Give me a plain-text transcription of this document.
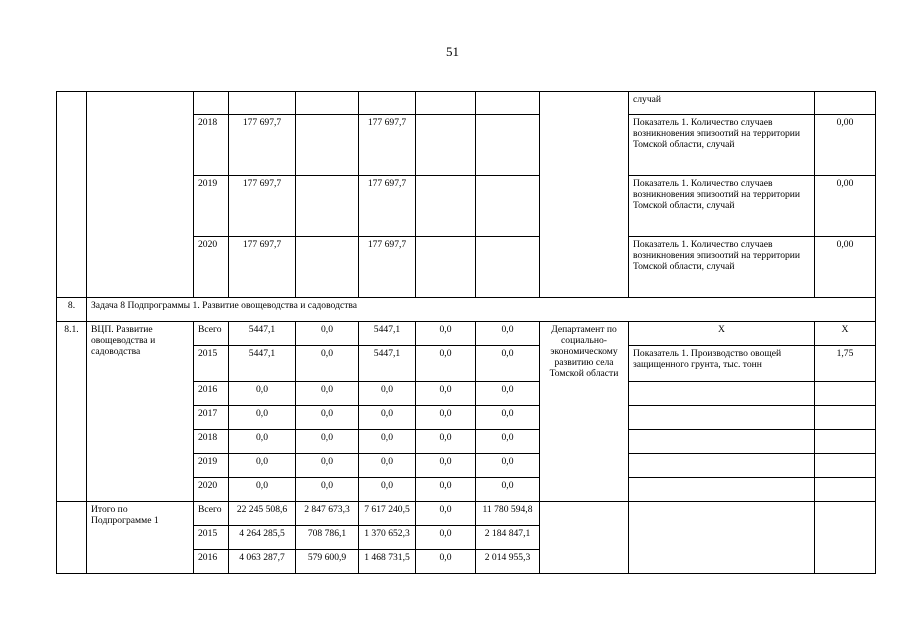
51
									случай	
		2018	177 697,7		177 697,7				Показатель 1. Количество случаев возникновения эпизоотий на территории Томской области, случай	0,00
		2019	177 697,7		177 697,7				Показатель 1. Количество случаев возникновения эпизоотий на территории Томской области, случай	0,00
		2020	177 697,7		177 697,7				Показатель 1. Количество случаев возникновения эпизоотий на территории Томской области, случай	0,00
8.	Задача 8 Подпрограммы 1. Развитие овощеводства и садоводства									
8.1.	ВЦП. Развитие овощеводства и садоводства	Всего	5447,1	0,0	5447,1	0,0	0,0	Департамент по социально-экономическому развитию села Томской области	Х	Х
		2015	5447,1	0,0	5447,1	0,0	0,0		Показатель 1. Производство овощей защищенного грунта, тыс. тонн	1,75
		2016	0,0	0,0	0,0	0,0	0,0			
		2017	0,0	0,0	0,0	0,0	0,0			
		2018	0,0	0,0	0,0	0,0	0,0			
		2019	0,0	0,0	0,0	0,0	0,0			
		2020	0,0	0,0	0,0	0,0	0,0			
	Итого по Подпрограмме 1	Всего	22 245 508,6	2 847 673,3	7 617 240,5	0,0	11 780 594,8			
		2015	4 264 285,5	708 786,1	1 370 652,3	0,0	2 184 847,1			
		2016	4 063 287,7	579 600,9	1 468 731,5	0,0	2 014 955,3			
